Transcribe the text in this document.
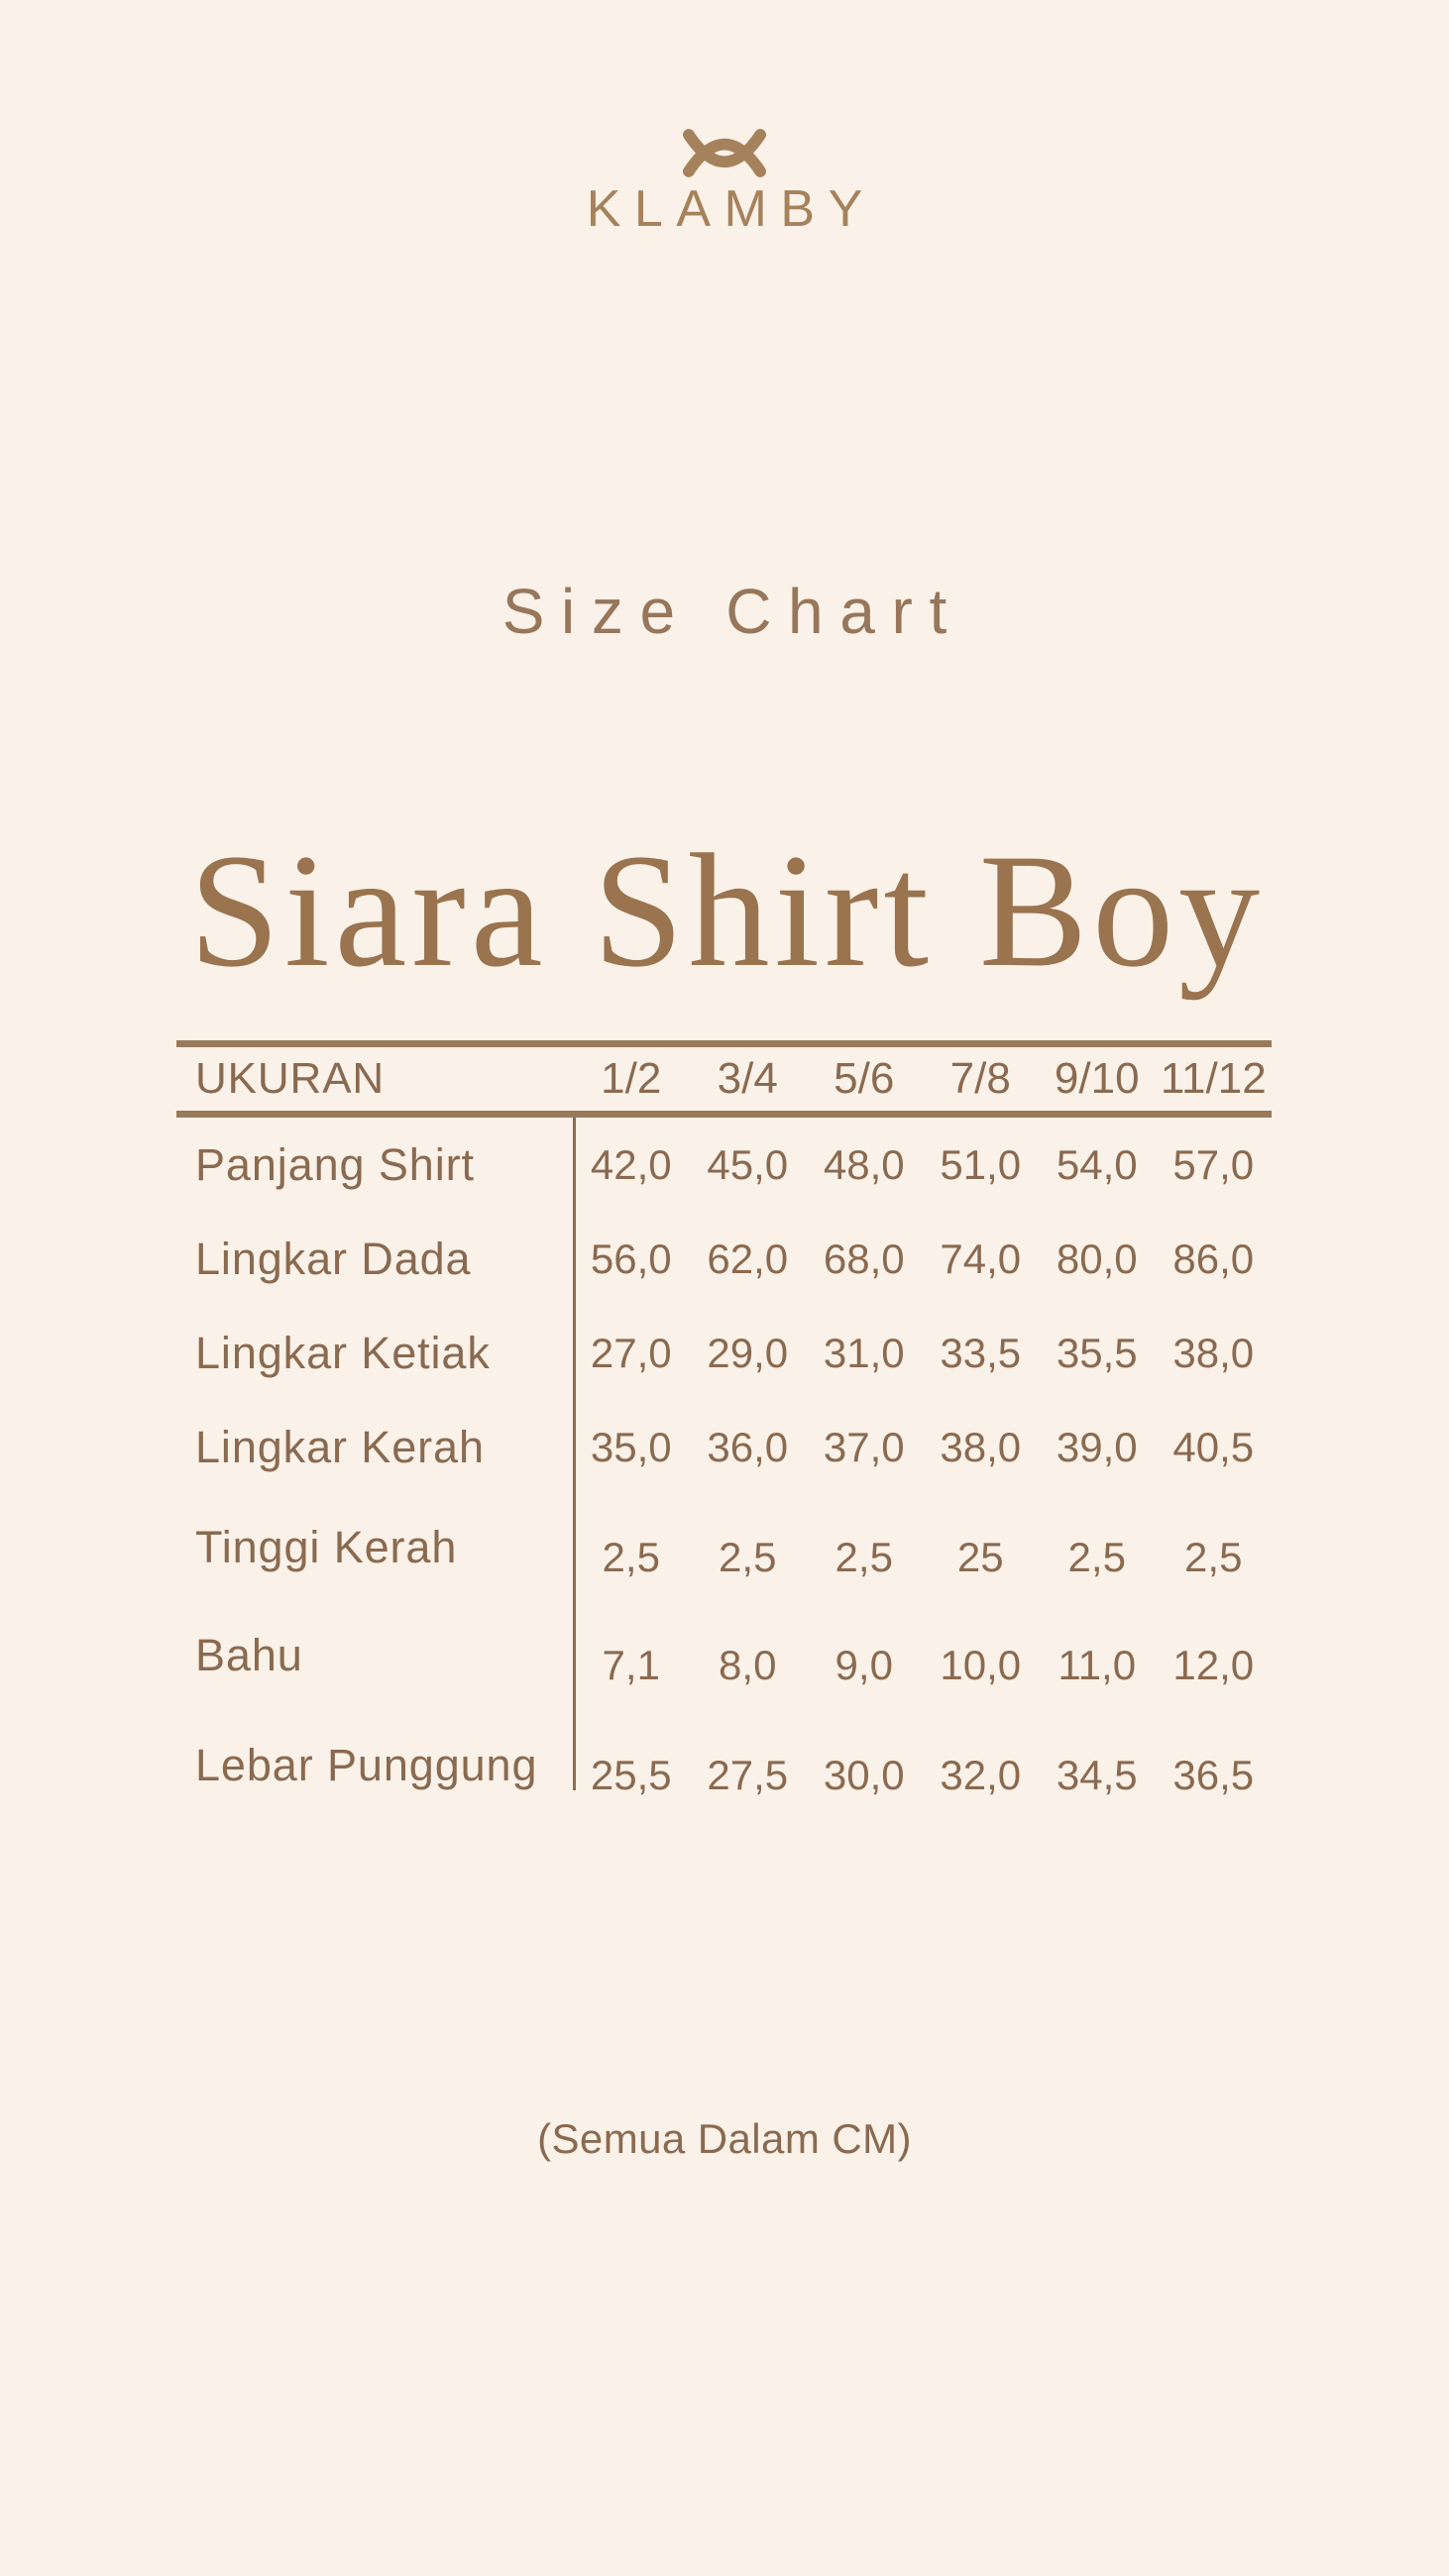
KLAMBY
Size Chart
Siara Shirt Boy
UKURAN	1/2	3/4	5/6	7/8	9/10 11/12
Panjang Shirt	42,0 45,0 48,0 51,0 54,0 57,0
Lingkar Dada	56,0 62,0 68,0 74,0 80,0 86,0
Lingkar Ketiak	27,0 29,0 31,0 33,5 35,5 38,0
Lingkar Kerah	35,0 36,0 37,0 38,0 39,0 40,5
Tinggi Kerah	2,5	2,5	2,5	25	2,5	2,5
Bahu	7,1	8,0	9,0	10,0 11,0 12,0
Lebar Punggung	25,5 27,5 30,0 32,0 34,5 36,5
(Semua Dalam CM)
